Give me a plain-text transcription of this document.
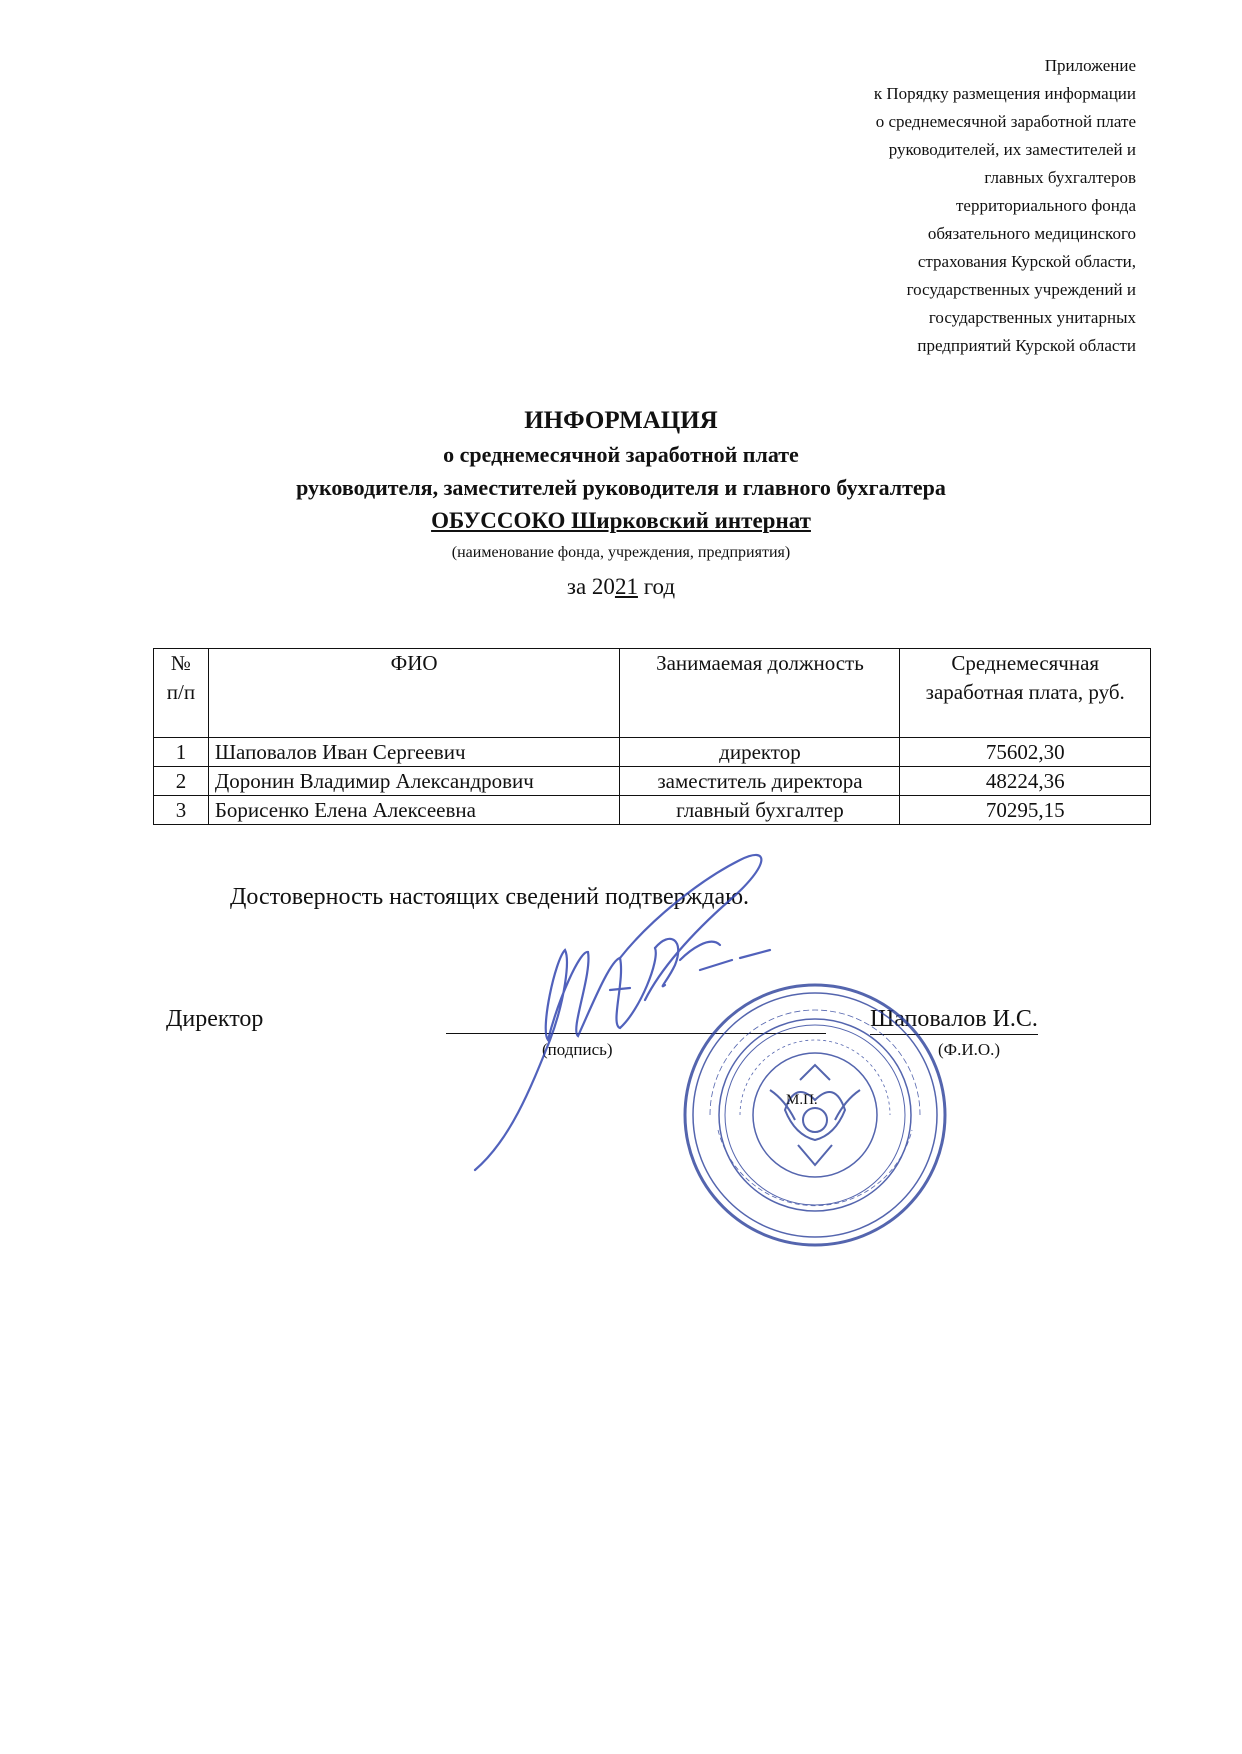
Приложение
к Порядку размещения информации
о среднемесячной заработной плате
руководителей, их заместителей и
главных бухгалтеров
территориального фонда
обязательного медицинского
страхования Курской области,
государственных учреждений и
государственных унитарных
предприятий Курской области
ИНФОРМАЦИЯ
о среднемесячной заработной плате
руководителя, заместителей руководителя и главного бухгалтера
ОБУССОКО Ширковский интернат
(наименование фонда, учреждения, предприятия)
за 2021 год
№ п/п	ФИО	Занимаемая должность	Среднемесячная заработная плата, руб.
1	Шаповалов Иван Сергеевич	директор	75602,30
2	Доронин Владимир Александрович	заместитель директора	48224,36
3	Борисенко Елена Алексеевна	главный бухгалтер	70295,15
Достоверность настоящих сведений подтверждаю.
Директор	Шаповалов И.С.
(подпись)	(Ф.И.О.)
М.П.
